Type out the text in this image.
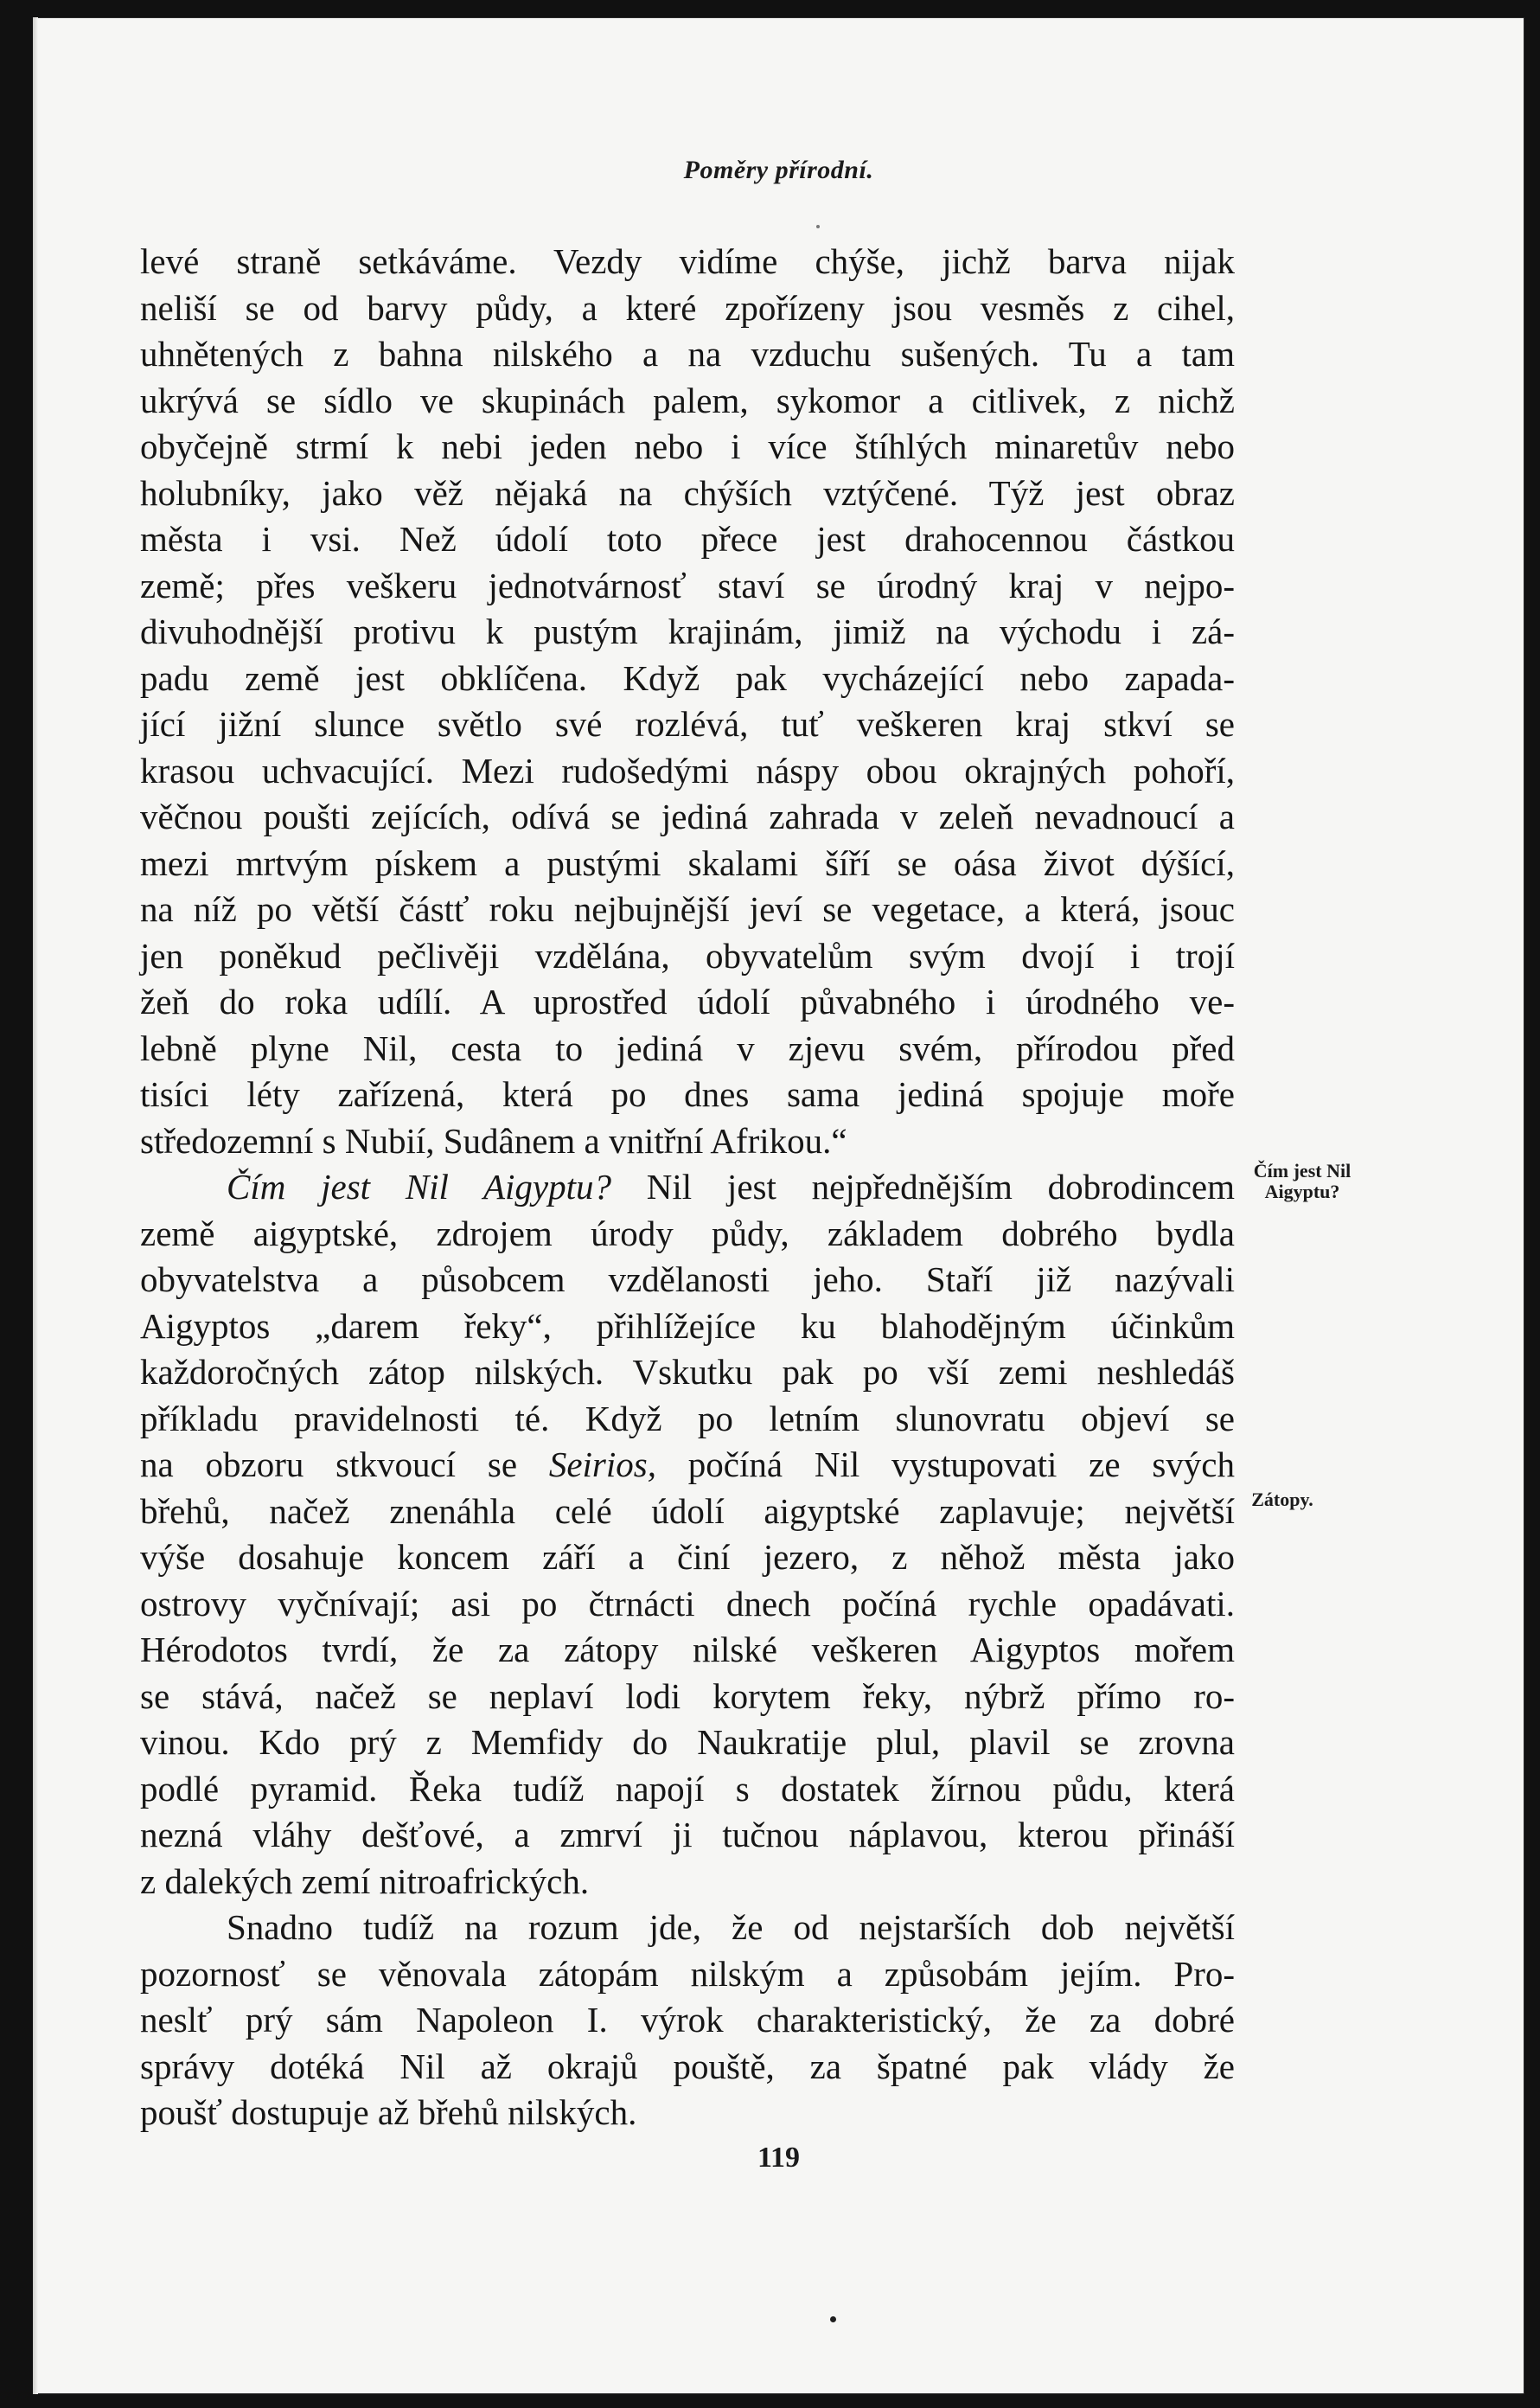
Poměry přírodní.
levé straně setkáváme. Vezdy vidíme chýše, jichž barva nijak
neliší se od barvy půdy, a které zpořízeny jsou vesměs z cihel,
uhnětených z bahna nilského a na vzduchu sušených. Tu a tam
ukrývá se sídlo ve skupinách palem, sykomor a citlivek, z nichž
obyčejně strmí k nebi jeden nebo i více štíhlých minaretův nebo
holubníky, jako věž nějaká na chýších vztýčené. Týž jest obraz
města i vsi. Než údolí toto přece jest drahocennou částkou
země; přes veškeru jednotvárnosť staví se úrodný kraj v nejpo-
divuhodnější protivu k pustým krajinám, jimiž na východu i zá-
padu země jest obklíčena. Když pak vycházející nebo zapada-
jící jižní slunce světlo své rozlévá, tuť veškeren kraj stkví se
krasou uchvacující. Mezi rudošedými náspy obou okrajných pohoří,
věčnou poušti zejících, odívá se jediná zahrada v zeleň nevadnoucí a
mezi mrtvým pískem a pustými skalami šíří se oása život dýšící,
na níž po větší částť roku nejbujnější jeví se vegetace, a která, jsouc
jen poněkud pečlivěji vzdělána, obyvatelům svým dvojí i trojí
žeň do roka udílí. A uprostřed údolí půvabného i úrodného ve-
lebně plyne Nil, cesta to jediná v zjevu svém, přírodou před
tisíci léty zařízená, která po dnes sama jediná spojuje moře
středozemní s Nubií, Sudânem a vnitřní Afrikou.“
Čím jest Nil Aigyptu? Nil jest nejpřednějším dobrodincem
země aigyptské, zdrojem úrody půdy, základem dobrého bydla
obyvatelstva a působcem vzdělanosti jeho. Staří již nazývali
Aigyptos „darem řeky“, přihlížejíce ku blahodějným účinkům
každoročných zátop nilských. Vskutku pak po vší zemi neshledáš
příkladu pravidelnosti té. Když po letním slunovratu objeví se
na obzoru stkvoucí se Seirios, počíná Nil vystupovati ze svých
břehů, načež znenáhla celé údolí aigyptské zaplavuje; největší
výše dosahuje koncem září a činí jezero, z něhož města jako
ostrovy vyčnívají; asi po čtrnácti dnech počíná rychle opadávati.
Hérodotos tvrdí, že za zátopy nilské veškeren Aigyptos mořem
se stává, načež se neplaví lodi korytem řeky, nýbrž přímo ro-
vinou. Kdo prý z Memfidy do Naukratije plul, plavil se zrovna
podlé pyramid. Řeka tudíž napojí s dostatek žírnou půdu, která
nezná vláhy dešťové, a zmrví ji tučnou náplavou, kterou přináší
z dalekých zemí nitroafrických.
Snadno tudíž na rozum jde, že od nejstarších dob největší
pozornosť se věnovala zátopám nilským a způsobám jejím. Pro-
neslť prý sám Napoleon I. výrok charakteristický, že za dobré
správy dotéká Nil až okrajů pouště, za špatné pak vlády že
poušť dostupuje až břehů nilských.
Čím jest Nil
Aigyptu?
Zátopy.
119
